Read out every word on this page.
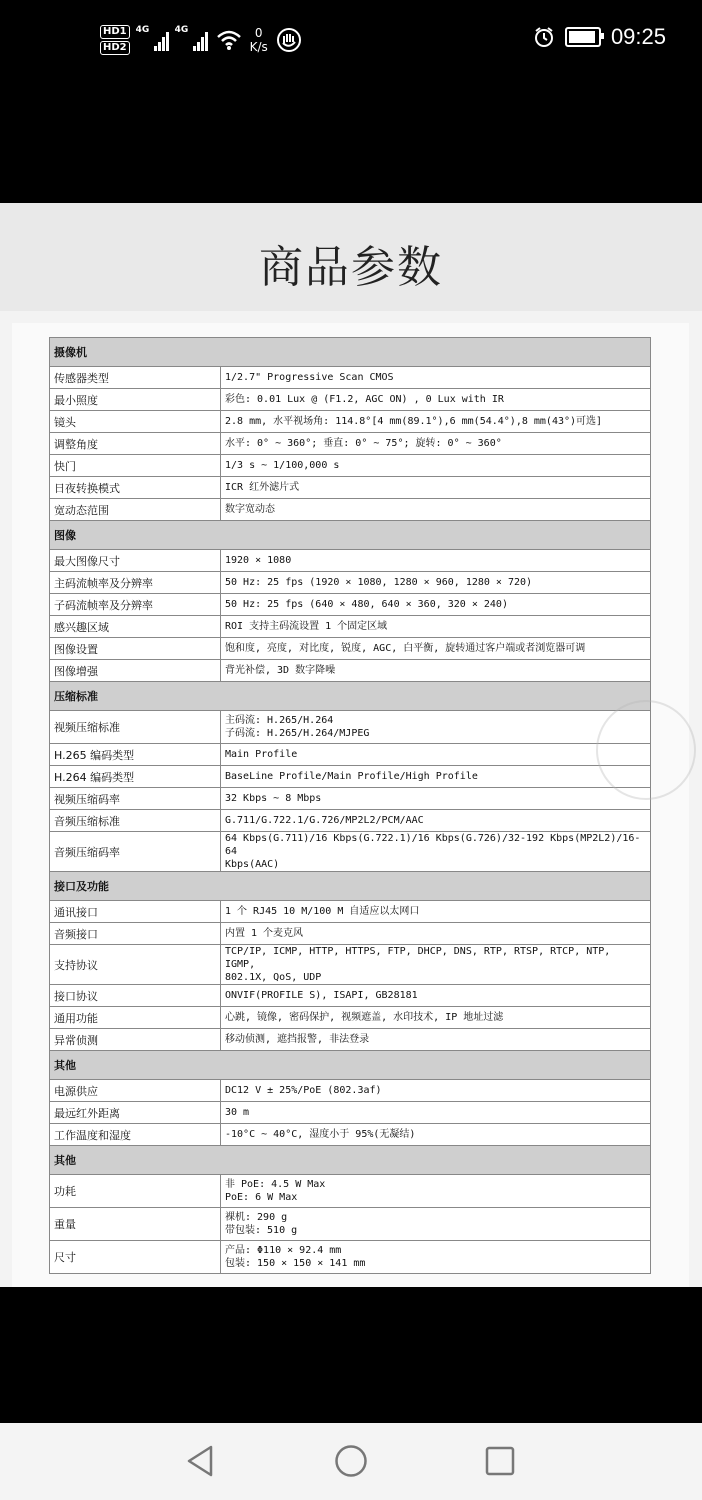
HD1
HD2
4G	4G	0
K/s	09:25
商品参数
摄像机	
传感器类型	1/2.7" Progressive Scan CMOS

最小照度	彩色: 0.01 Lux @ (F1.2, AGC ON) , 0 Lux with IR

镜头	2.8 mm, 水平视场角: 114.8°[4 mm(89.1°),6 mm(54.4°),8 mm(43°)可选]

调整角度	水平: 0° ~ 360°; 垂直: 0° ~ 75°; 旋转: 0° ~ 360°

快门	1/3 s ~ 1/100,000 s

日夜转换模式	ICR 红外滤片式

宽动态范围	数字宽动态

图像	
最大图像尺寸	1920 × 1080

主码流帧率及分辨率	50 Hz: 25 fps (1920 × 1080, 1280 × 960, 1280 × 720)

子码流帧率及分辨率	50 Hz: 25 fps (640 × 480, 640 × 360, 320 × 240)

感兴趣区域	ROI 支持主码流设置 1 个固定区域

图像设置	饱和度, 亮度, 对比度, 锐度, AGC, 白平衡, 旋转通过客户端或者浏览器可调

图像增强	背光补偿, 3D 数字降噪

压缩标准	
视频压缩标准	主码流: H.265/H.264
子码流: H.265/H.264/MJPEG

H.265 编码类型	Main Profile

H.264 编码类型	BaseLine Profile/Main Profile/High Profile

视频压缩码率	32 Kbps ~ 8 Mbps

音频压缩标准	G.711/G.722.1/G.726/MP2L2/PCM/AAC

音频压缩码率	64 Kbps(G.711)/16 Kbps(G.722.1)/16 Kbps(G.726)/32-192 Kbps(MP2L2)/16-64
Kbps(AAC)

接口及功能	
通讯接口	1 个 RJ45 10 M/100 M 自适应以太网口

音频接口	内置 1 个麦克风

支持协议	TCP/IP, ICMP, HTTP, HTTPS, FTP, DHCP, DNS, RTP, RTSP, RTCP, NTP, IGMP,
802.1X, QoS, UDP

接口协议	ONVIF(PROFILE S), ISAPI, GB28181

通用功能	心跳, 镜像, 密码保护, 视频遮盖, 水印技术, IP 地址过滤

异常侦测	移动侦测, 遮挡报警, 非法登录

其他	
电源供应	DC12 V ± 25%/PoE (802.3af)

最远红外距离	30 m

工作温度和湿度	-10°C ~ 40°C, 湿度小于 95%(无凝结)

其他	
功耗	非 PoE: 4.5 W Max
PoE: 6 W Max

重量	裸机: 290 g
带包装: 510 g

尺寸	产品: Φ110 × 92.4 mm
包装: 150 × 150 × 141 mm
